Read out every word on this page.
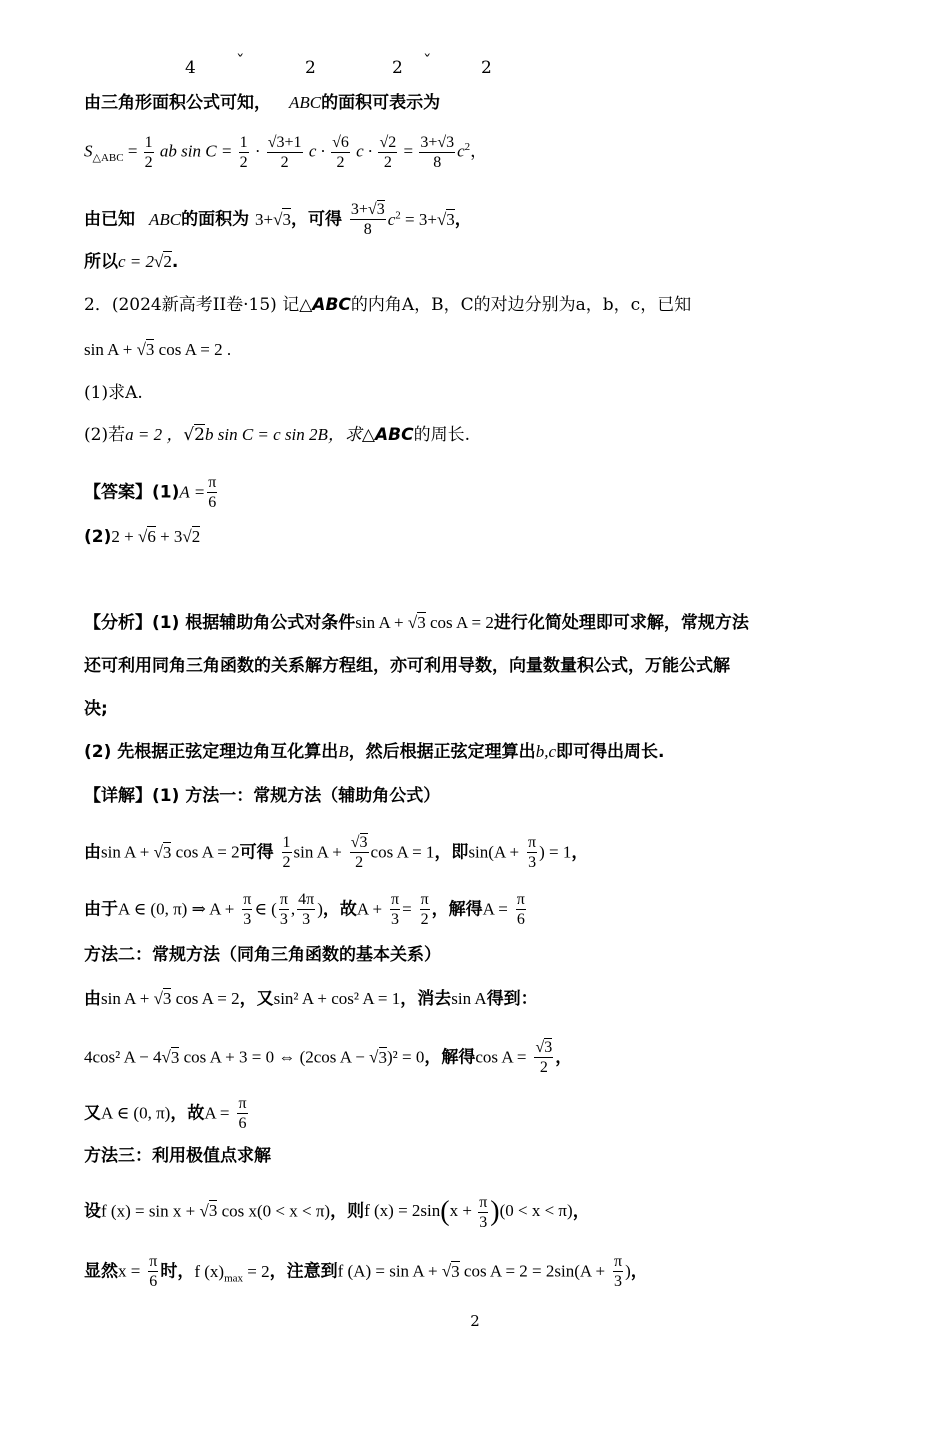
4 ˇ	2	2 ˇ	2
由三角形面积公式可知， ABC的面积可表示为
$S_{\triangle ABC} = \frac{1}{2}$ ab $\sin C = \frac{1}{2} \cdot \frac{√3+1}{2}$ $c \cdot \frac{√6}{2}$ $c \cdot \frac{√2}{2} = \frac{3+√3}{8} c^2$，
由已知 ABC的面积为 3+√3，可得 $\frac{3+√3}{8} c^2 = 3+√3$，
所以c = 2√2.
2．(2024新高考II卷·15) 记△ABC的内角A，B，C的对边分别为a，b，c，已知
sin A + √3 cos A = 2 .
(1)求A.
(2)若a = 2 ，√2b sin C = c sin 2B，求△ABC的周长.
【答案】$(1)A = \frac{\pi}{6}$
(2)2 + √6 + 3√2
【分析】(1) 根据辅助角公式对条件sin A + √3 cos A = 2进行化简处理即可求解，常规方法
还可利用同角三角函数的关系解方程组，亦可利用导数，向量数量积公式，万能公式解
决;
(2) 先根据正弦定理边角互化算出B，然后根据正弦定理算出b,c即可得出周长.
【详解】(1) 方法一：常规方法（辅助角公式）
由sin A + √3 cos A = 2可得 $\frac{1}{2}$ $\sin A + \frac{√3}{2}$ cos A = 1，即$\sin(A + \frac{\pi}{3}$ ) = 1，
由于A ∈ (0, π) ⇒ $A + \frac{\pi}{3}$ ∈ ( $\frac{\pi}{3}$ , $\frac{4\pi}{3}$ )，故$A + \frac{\pi}{3} = \frac{\pi}{2}$ ，解得$A = \frac{\pi}{6}$
方法二：常规方法（同角三角函数的基本关系）
由sin A + √3 cos A = 2，又sin² A + cos² A = 1，消去sin A得到：
4cos² A − 4√3 cos A + 3 = 0 ⇔ (2cos A − √3)² = 0，解得$\cos A = \frac{√3}{2}$ ，
又A ∈ (0, π)，故$A = \frac{\pi}{6}$
方法三：利用极值点求解
设f (x) = sin x + √3 cos x(0 < x < π)，则f $(x) = 2\sin(x + \frac{\pi}{3} )(0 < x < \pi)$，
显然$x = \frac{\pi}{6}$ 时，f $(x)_{max} = 2$，注意到f (A) = sin A + √3 $\cos A = 2 = 2\sin(A + \frac{\pi}{3}$ )，
2
